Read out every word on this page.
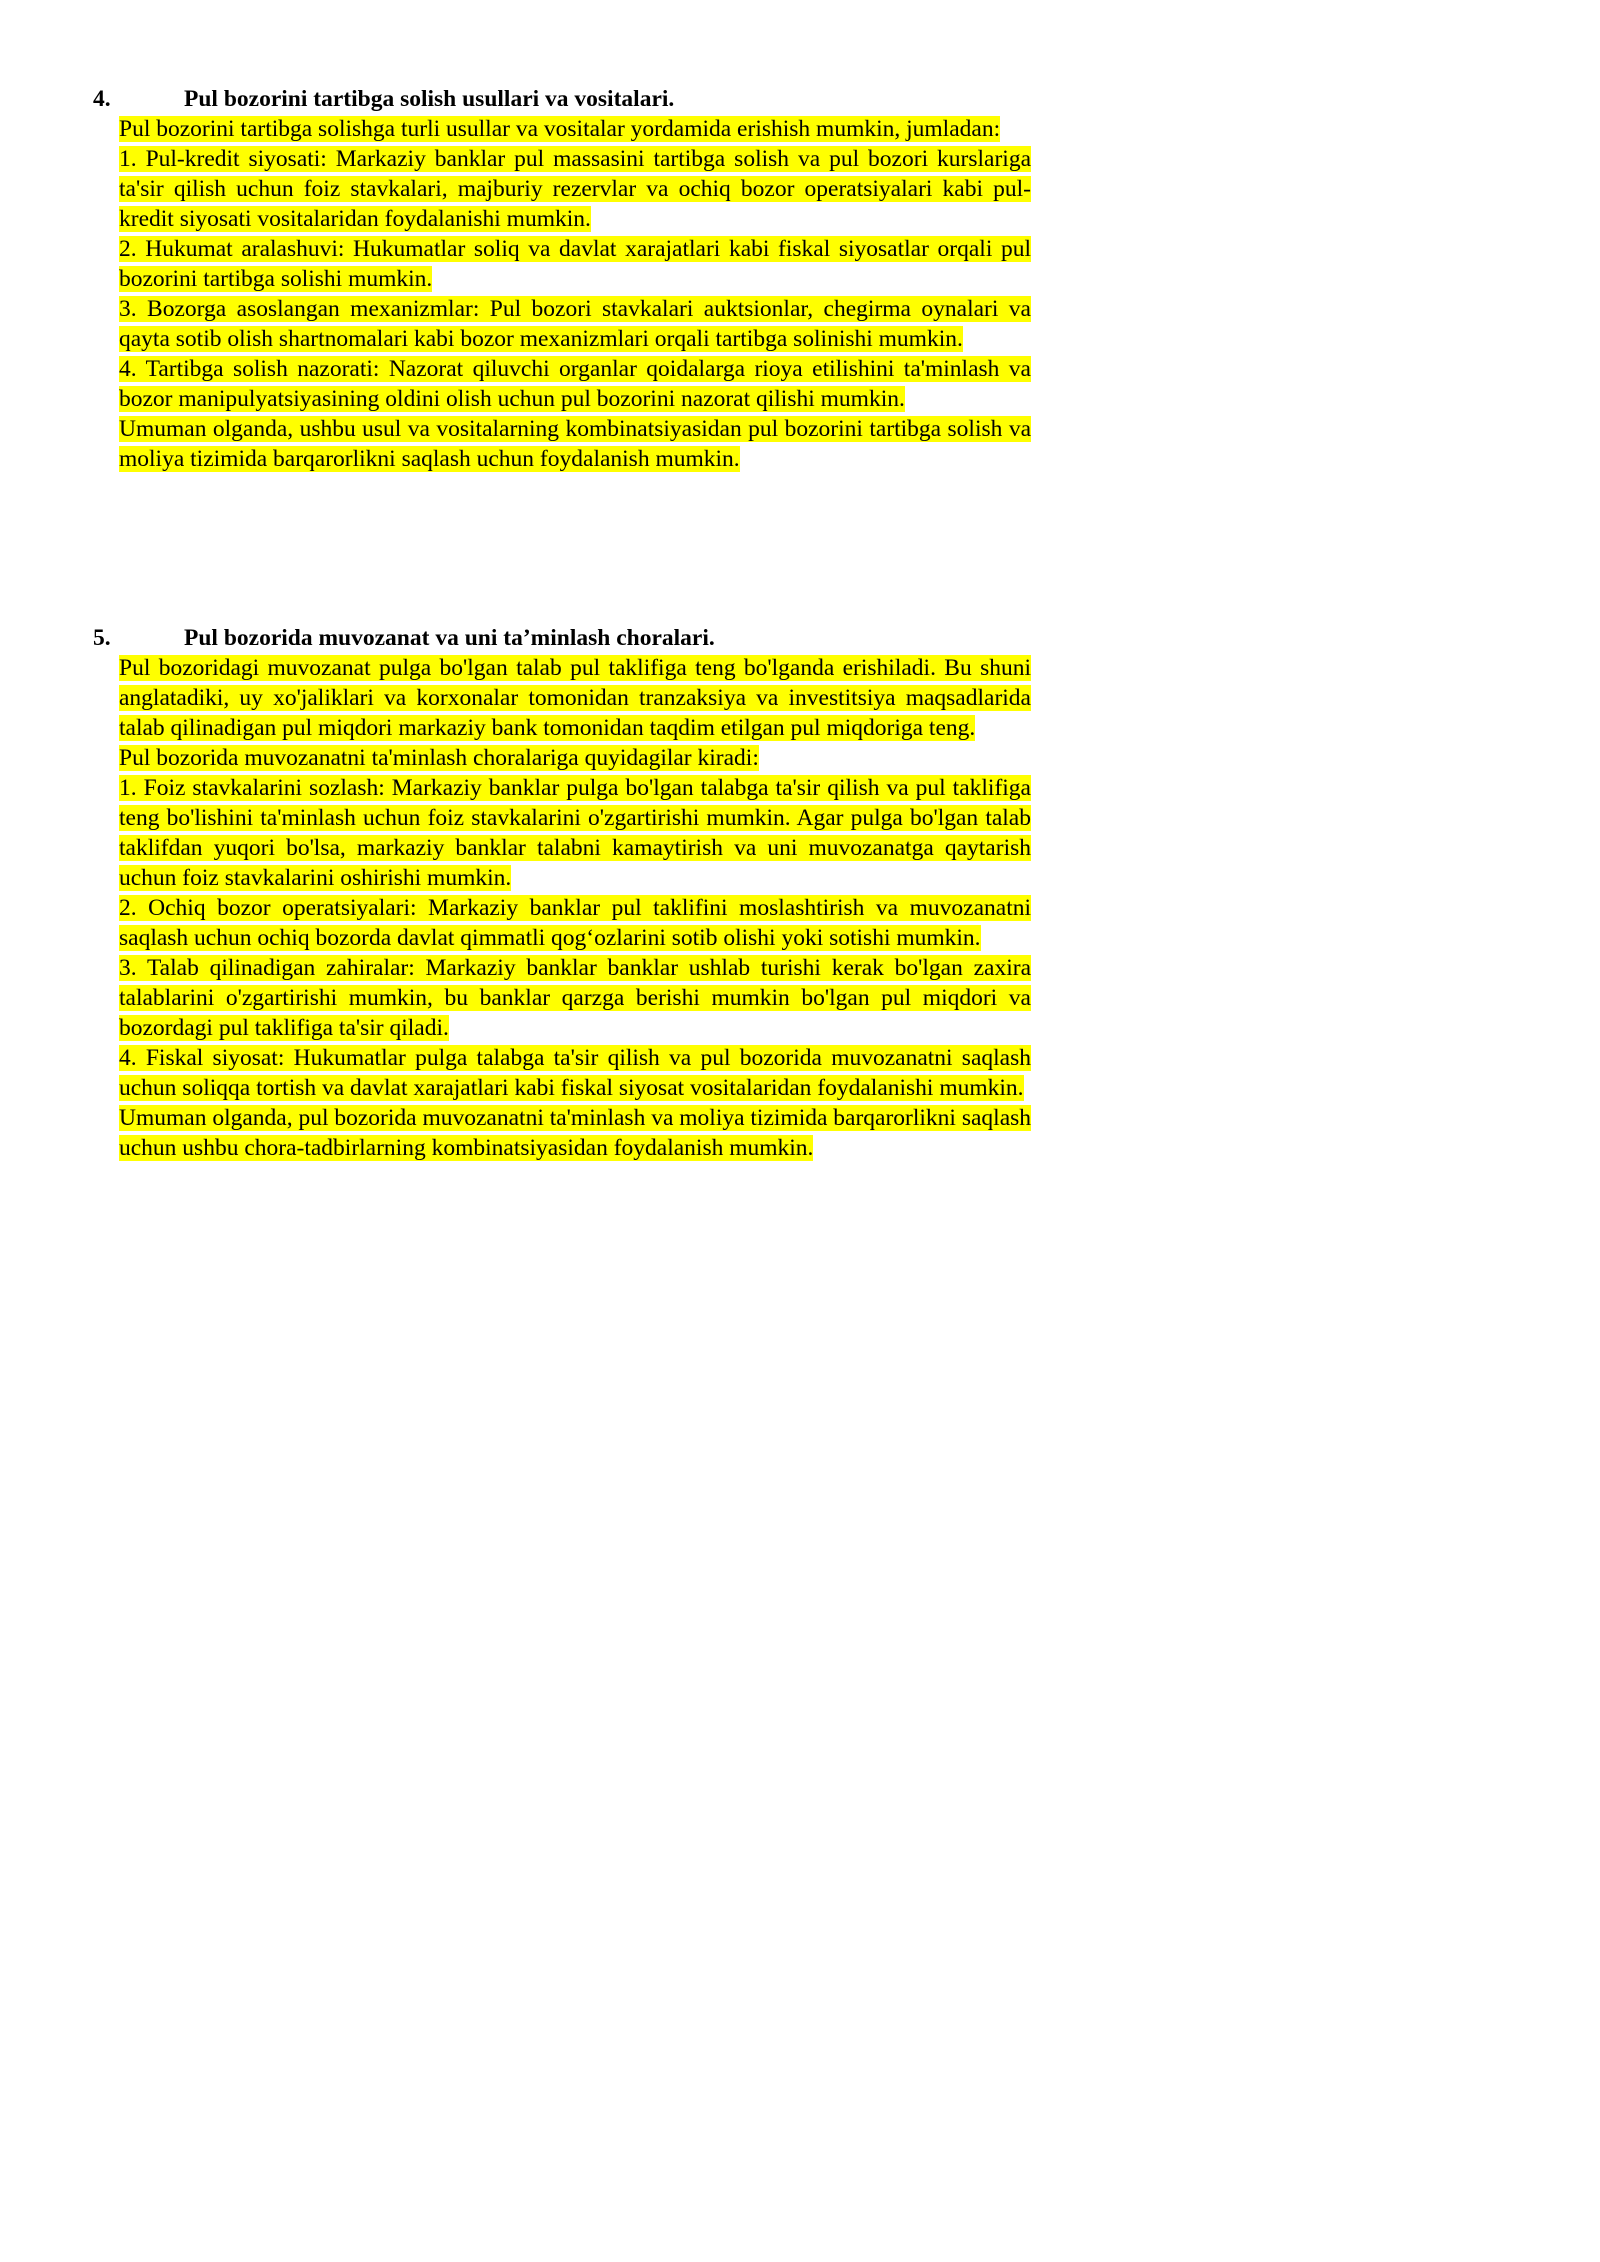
4.	Pul bozorini tartibga solish usullari va vositalari.

Pul bozorini tartibga solishga turli usullar va vositalar yordamida erishish mumkin, jumladan:

1. Pul-kredit siyosati: Markaziy banklar pul massasini tartibga solish va pul bozori kurslariga ta'sir qilish uchun foiz stavkalari, majburiy rezervlar va ochiq bozor operatsiyalari kabi pul-kredit siyosati vositalaridan foydalanishi mumkin.

2. Hukumat aralashuvi: Hukumatlar soliq va davlat xarajatlari kabi fiskal siyosatlar orqali pul bozorini tartibga solishi mumkin.

3. Bozorga asoslangan mexanizmlar: Pul bozori stavkalari auktsionlar, chegirma oynalari va qayta sotib olish shartnomalari kabi bozor mexanizmlari orqali tartibga solinishi mumkin.

4. Tartibga solish nazorati: Nazorat qiluvchi organlar qoidalarga rioya etilishini ta'minlash va bozor manipulyatsiyasining oldini olish uchun pul bozorini nazorat qilishi mumkin.

Umuman olganda, ushbu usul va vositalarning kombinatsiyasidan pul bozorini tartibga solish va moliya tizimida barqarorlikni saqlash uchun foydalanish mumkin.

5.	Pul bozorida muvozanat va uni ta’minlash choralari.

Pul bozoridagi muvozanat pulga bo'lgan talab pul taklifiga teng bo'lganda erishiladi. Bu shuni anglatadiki, uy xo'jaliklari va korxonalar tomonidan tranzaksiya va investitsiya maqsadlarida talab qilinadigan pul miqdori markaziy bank tomonidan taqdim etilgan pul miqdoriga teng.

Pul bozorida muvozanatni ta'minlash choralariga quyidagilar kiradi:

1. Foiz stavkalarini sozlash: Markaziy banklar pulga bo'lgan talabga ta'sir qilish va pul taklifiga teng bo'lishini ta'minlash uchun foiz stavkalarini o'zgartirishi mumkin. Agar pulga bo'lgan talab taklifdan yuqori bo'lsa, markaziy banklar talabni kamaytirish va uni muvozanatga qaytarish uchun foiz stavkalarini oshirishi mumkin.

2. Ochiq bozor operatsiyalari: Markaziy banklar pul taklifini moslashtirish va muvozanatni saqlash uchun ochiq bozorda davlat qimmatli qog‘ozlarini sotib olishi yoki sotishi mumkin.

3. Talab qilinadigan zahiralar: Markaziy banklar banklar ushlab turishi kerak bo'lgan zaxira talablarini o'zgartirishi mumkin, bu banklar qarzga berishi mumkin bo'lgan pul miqdori va bozordagi pul taklifiga ta'sir qiladi.

4. Fiskal siyosat: Hukumatlar pulga talabga ta'sir qilish va pul bozorida muvozanatni saqlash uchun soliqqa tortish va davlat xarajatlari kabi fiskal siyosat vositalaridan foydalanishi mumkin.

Umuman olganda, pul bozorida muvozanatni ta'minlash va moliya tizimida barqarorlikni saqlash uchun ushbu chora-tadbirlarning kombinatsiyasidan foydalanish mumkin.
